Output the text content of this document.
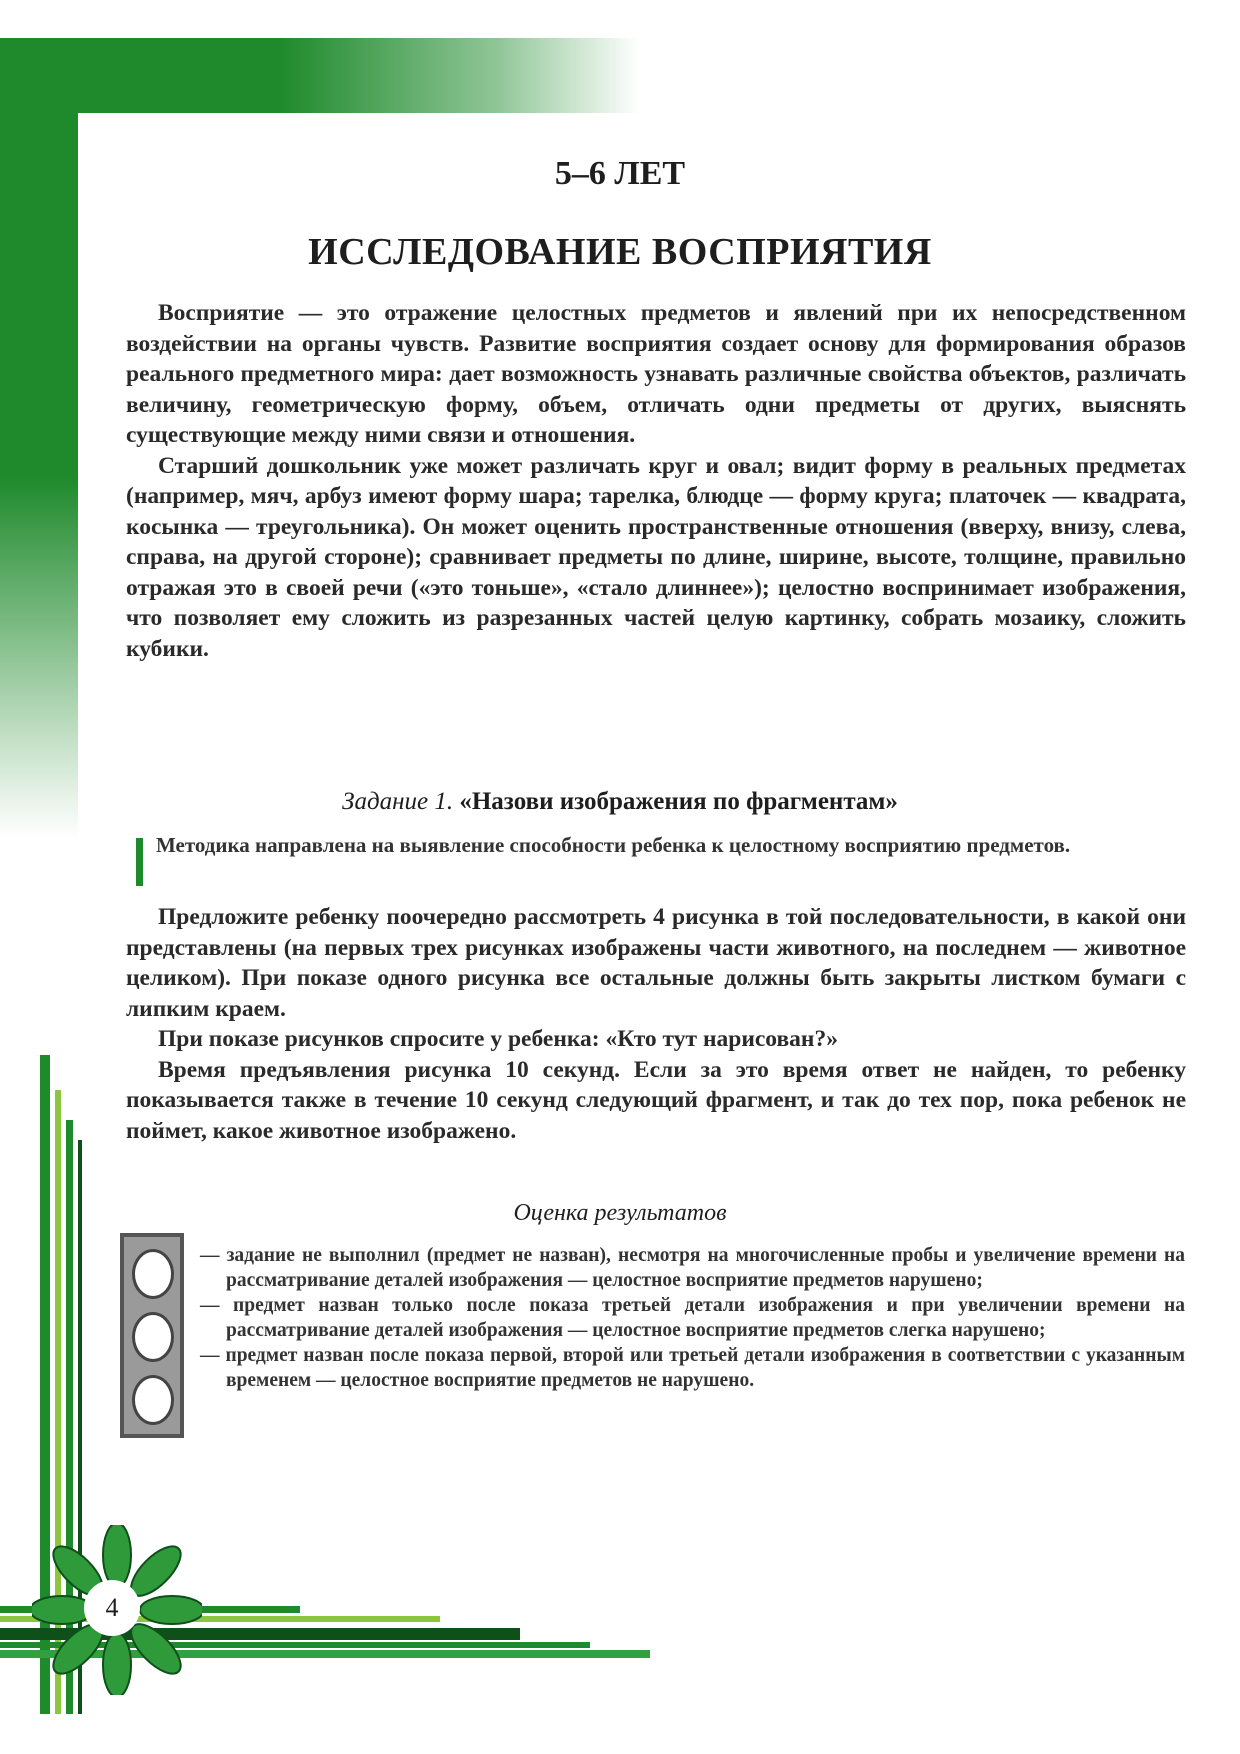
4
5–6 ЛЕТ
ИССЛЕДОВАНИЕ ВОСПРИЯТИЯ

Восприятие — это отражение целостных предметов и явлений при их непосредственном воздействии на органы чувств. Развитие восприятия создает основу для формирования образов реального предметного мира: дает возможность узнавать различные свойства объектов, различать величину, геометрическую форму, объем, отличать одни предметы от других, выяснять существующие между ними связи и отношения.

Старший дошкольник уже может различать круг и овал; видит форму в реальных предметах (например, мяч, арбуз имеют форму шара; тарелка, блюдце — форму круга; платочек — квадрата, косынка — треугольника). Он может оценить пространственные отношения (вверху, внизу, слева, справа, на другой стороне); сравнивает предметы по длине, ширине, высоте, толщине, правильно отражая это в своей речи («это тоньше», «стало длиннее»); целостно воспринимает изображения, что позволяет ему сложить из разрезанных частей целую картинку, собрать мозаику, сложить кубики.

Задание 1. «Назови изображения по фрагментам»
Методика направлена на выявление способности ребенка к целостному восприятию предметов.

Предложите ребенку поочередно рассмотреть 4 рисунка в той последовательности, в какой они представлены (на первых трех рисунках изображены части животного, на последнем — животное целиком). При показе одного рисунка все остальные должны быть закрыты листком бумаги с липким краем.

При показе рисунков спросите у ребенка: «Кто тут нарисован?»

Время предъявления рисунка 10 секунд. Если за это время ответ не найден, то ребенку показывается также в течение 10 секунд следующий фрагмент, и так до тех пор, пока ребенок не поймет, какое животное изображено.

Оценка результатов
— задание не выполнил (предмет не назван), несмотря на многочисленные пробы и увеличение времени на рассматривание деталей изображения — целостное восприятие предметов нарушено;
— предмет назван только после показа третьей детали изображения и при увеличении времени на рассматривание деталей изображения — целостное восприятие предметов слегка нарушено;
— предмет назван после показа первой, второй или третьей детали изображения в соответствии с указанным временем — целостное восприятие предметов не нарушено.
